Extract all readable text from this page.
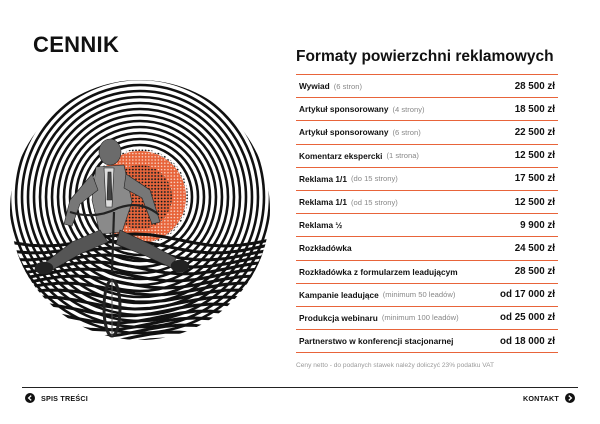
CENNIK	Formaty powierzchni reklamowych
Wywiad (6 stron)	28 500 zł
Artykuł sponsorowany (4 strony)	18 500 zł
Artykuł sponsorowany (6 stron)	22 500 zł
Komentarz ekspercki (1 strona)	12 500 zł
Reklama 1/1 (do 15 strony)	17 500 zł
Reklama 1/1 (od 15 strony)	12 500 zł
Reklama ½	9 900 zł
Rozkładówka	24 500 zł
Rozkładówka z formularzem leadującym	28 500 zł
Kampanie leadujące (minimum 50 leadów)	od 17 000 zł
Produkcja webinaru (minimum 100 leadów)	od 25 000 zł
Partnerstwo w konferencji stacjonarnej	od 18 000 zł
Ceny netto - do podanych stawek należy doliczyć 23% podatku VAT
SPIS TREŚCI	KONTAKT
